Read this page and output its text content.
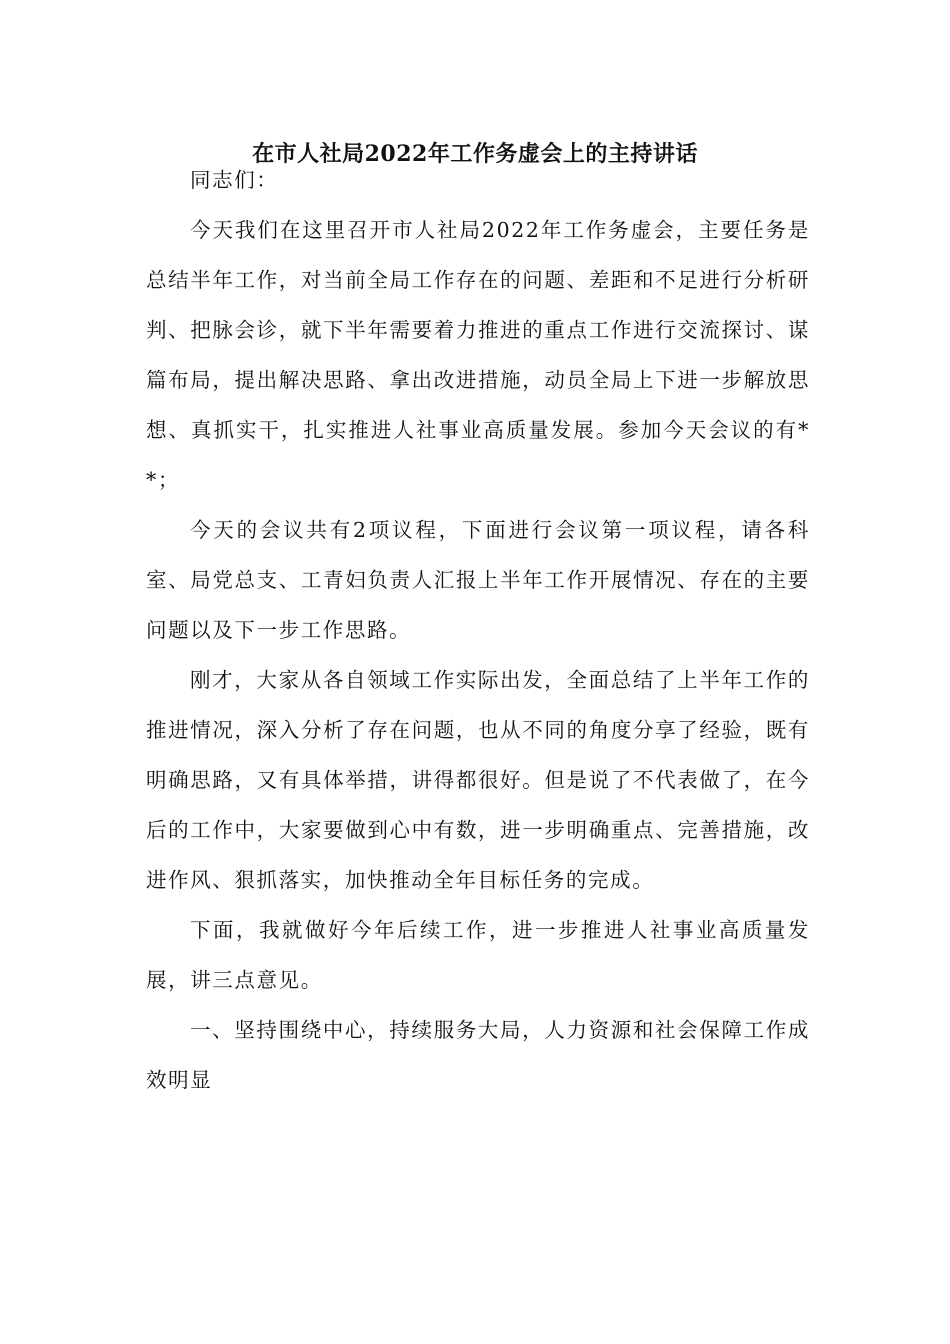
在市人社局2022年工作务虚会上的主持讲话

同志们：

今天我们在这里召开市人社局2022年工作务虚会，主要任务是总结半年工作，对当前全局工作存在的问题、差距和不足进行分析研判、把脉会诊，就下半年需要着力推进的重点工作进行交流探讨、谋篇布局，提出解决思路、拿出改进措施，动员全局上下进一步解放思想、真抓实干，扎实推进人社事业高质量发展。参加今天会议的有**；

今天的会议共有2项议程，下面进行会议第一项议程，请各科室、局党总支、工青妇负责人汇报上半年工作开展情况、存在的主要问题以及下一步工作思路。

刚才，大家从各自领域工作实际出发，全面总结了上半年工作的推进情况，深入分析了存在问题，也从不同的角度分享了经验，既有明确思路，又有具体举措，讲得都很好。但是说了不代表做了，在今后的工作中，大家要做到心中有数，进一步明确重点、完善措施，改进作风、狠抓落实，加快推动全年目标任务的完成。

下面，我就做好今年后续工作，进一步推进人社事业高质量发展，讲三点意见。

一、坚持围绕中心，持续服务大局，人力资源和社会保障工作成效明显
